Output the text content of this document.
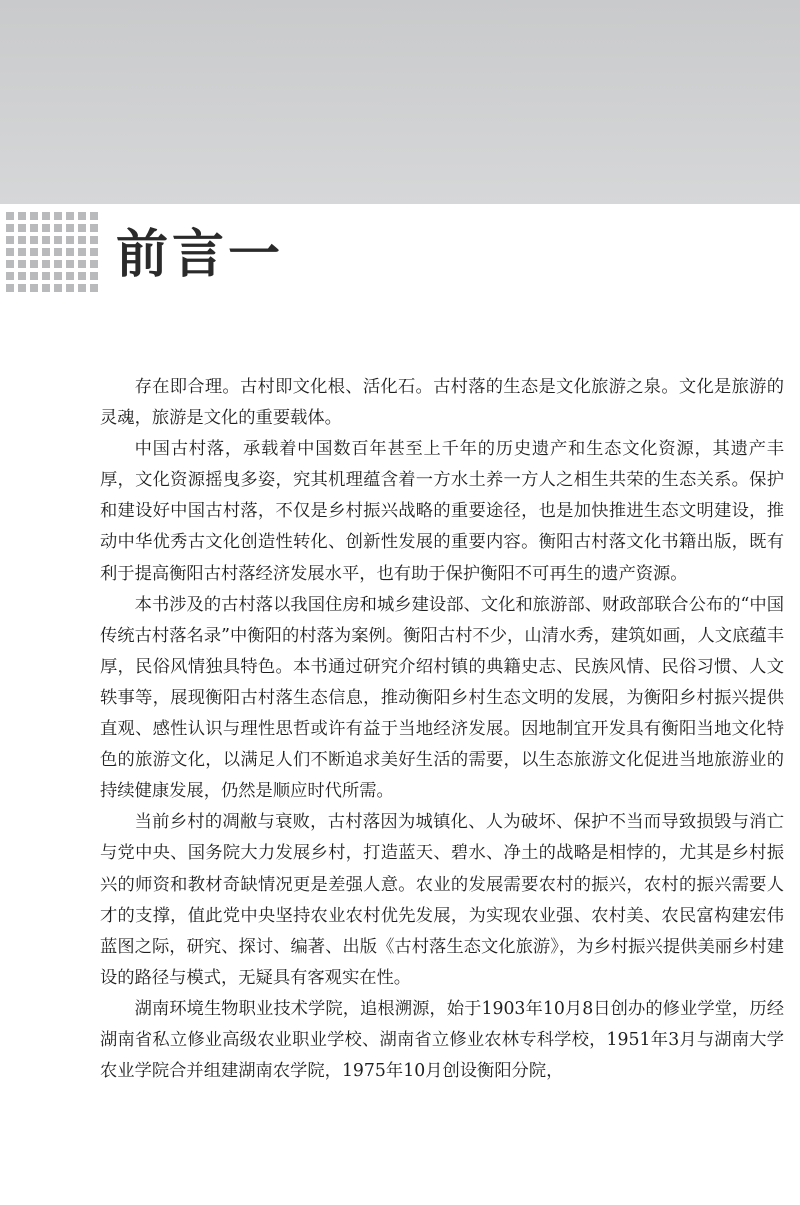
前言一

存在即合理。古村即文化根、活化石。古村落的生态是文化旅游之泉。文化是旅游的灵魂，旅游是文化的重要载体。

中国古村落，承载着中国数百年甚至上千年的历史遗产和生态文化资源，其遗产丰厚，文化资源摇曳多姿，究其机理蕴含着一方水土养一方人之相生共荣的生态关系。保护和建设好中国古村落，不仅是乡村振兴战略的重要途径，也是加快推进生态文明建设，推动中华优秀古文化创造性转化、创新性发展的重要内容。衡阳古村落文化书籍出版，既有利于提高衡阳古村落经济发展水平，也有助于保护衡阳不可再生的遗产资源。

本书涉及的古村落以我国住房和城乡建设部、文化和旅游部、财政部联合公布的“中国传统古村落名录”中衡阳的村落为案例。衡阳古村不少，山清水秀，建筑如画，人文底蕴丰厚，民俗风情独具特色。本书通过研究介绍村镇的典籍史志、民族风情、民俗习惯、人文轶事等，展现衡阳古村落生态信息，推动衡阳乡村生态文明的发展，为衡阳乡村振兴提供直观、感性认识与理性思哲或许有益于当地经济发展。因地制宜开发具有衡阳当地文化特色的旅游文化，以满足人们不断追求美好生活的需要，以生态旅游文化促进当地旅游业的持续健康发展，仍然是顺应时代所需。

当前乡村的凋敝与衰败，古村落因为城镇化、人为破坏、保护不当而导致损毁与消亡与党中央、国务院大力发展乡村，打造蓝天、碧水、净土的战略是相悖的，尤其是乡村振兴的师资和教材奇缺情况更是差强人意。农业的发展需要农村的振兴，农村的振兴需要人才的支撑，值此党中央坚持农业农村优先发展，为实现农业强、农村美、农民富构建宏伟蓝图之际，研究、探讨、编著、出版《古村落生态文化旅游》，为乡村振兴提供美丽乡村建设的路径与模式，无疑具有客观实在性。

湖南环境生物职业技术学院，追根溯源，始于1903年10月8日创办的修业学堂，历经湖南省私立修业高级农业职业学校、湖南省立修业农林专科学校，1951年3月与湖南大学农业学院合并组建湖南农学院，1975年10月创设衡阳分院，
